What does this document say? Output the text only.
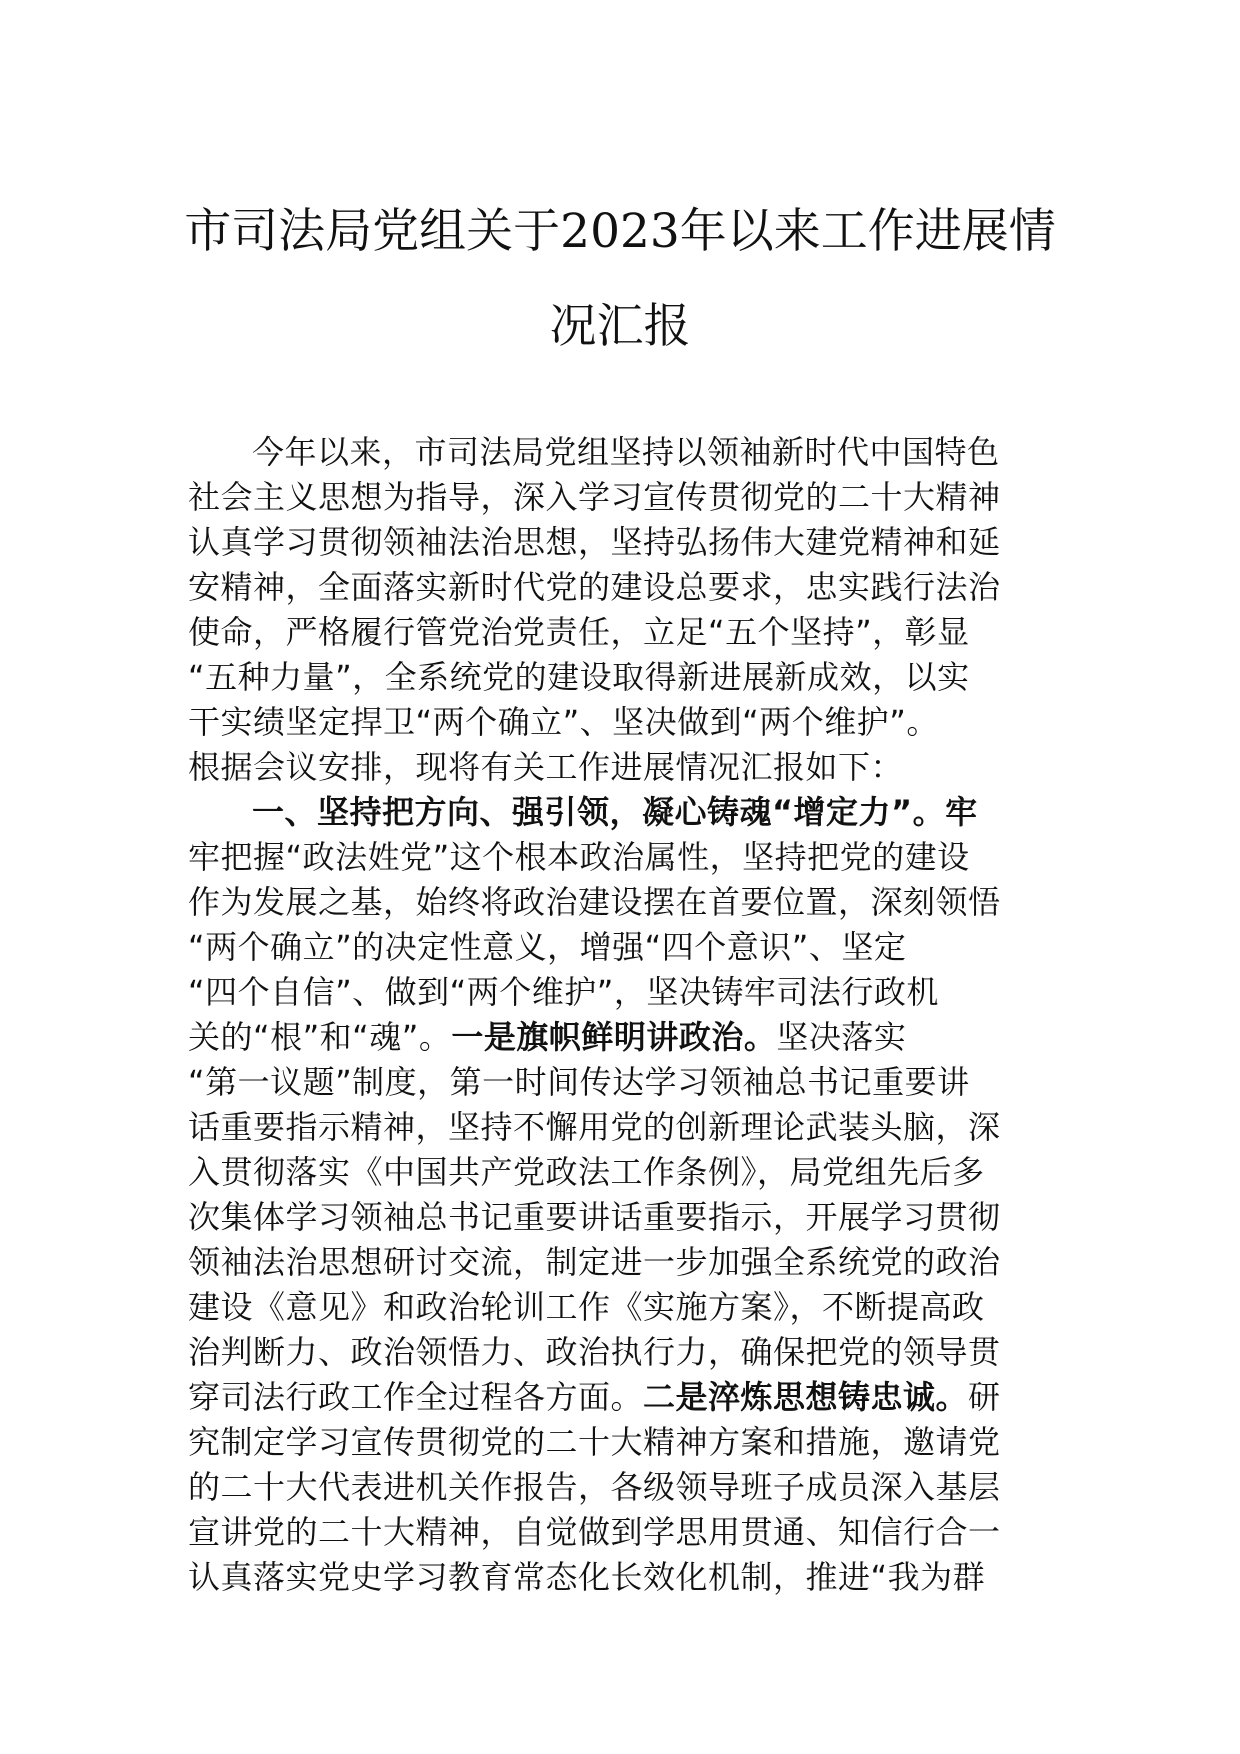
市司法局党组关于2023年以来工作进展情
况汇报
今年以来，市司法局党组坚持以领袖新时代中国特色
社会主义思想为指导，深入学习宣传贯彻党的二十大精神
认真学习贯彻领袖法治思想，坚持弘扬伟大建党精神和延
安精神，全面落实新时代党的建设总要求，忠实践行法治
使命，严格履行管党治党责任，立足“五个坚持”，彰显
“五种力量”，全系统党的建设取得新进展新成效，以实
干实绩坚定捍卫“两个确立”、坚决做到“两个维护”。
根据会议安排，现将有关工作进展情况汇报如下：
一、坚持把方向、强引领，凝心铸魂“增定力”。牢
牢把握“政法姓党”这个根本政治属性，坚持把党的建设
作为发展之基，始终将政治建设摆在首要位置，深刻领悟
“两个确立”的决定性意义，增强“四个意识”、坚定
“四个自信”、做到“两个维护”，坚决铸牢司法行政机
关的“根”和“魂”。一是旗帜鲜明讲政治。坚决落实
“第一议题”制度，第一时间传达学习领袖总书记重要讲
话重要指示精神，坚持不懈用党的创新理论武装头脑，深
入贯彻落实《中国共产党政法工作条例》，局党组先后多
次集体学习领袖总书记重要讲话重要指示，开展学习贯彻
领袖法治思想研讨交流，制定进一步加强全系统党的政治
建设《意见》和政治轮训工作《实施方案》，不断提高政
治判断力、政治领悟力、政治执行力，确保把党的领导贯
穿司法行政工作全过程各方面。二是淬炼思想铸忠诚。研
究制定学习宣传贯彻党的二十大精神方案和措施，邀请党
的二十大代表进机关作报告，各级领导班子成员深入基层
宣讲党的二十大精神，自觉做到学思用贯通、知信行合一
认真落实党史学习教育常态化长效化机制，推进“我为群
